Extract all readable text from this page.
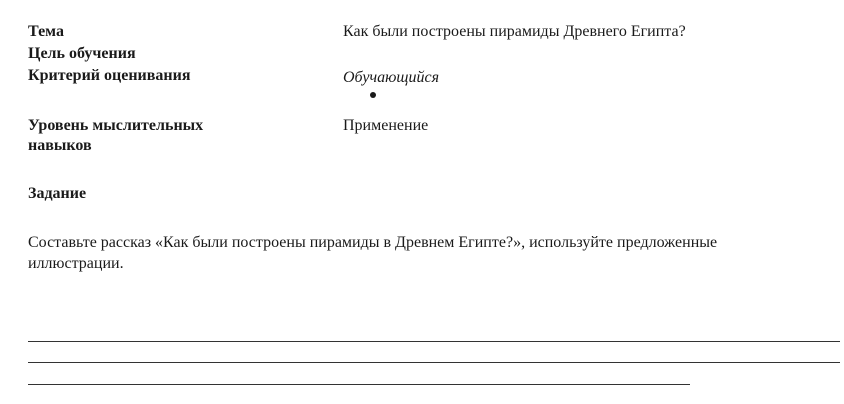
Тема	Как были построены пирамиды Древнего Египта?
Цель обучения
Критерий оценивания	Обучающийся
Уровень мыслительных
навыков
Применение
Задание
Составьте рассказ «Как были построены пирамиды в Древнем Египте?», используйте предложенные иллюстрации.
